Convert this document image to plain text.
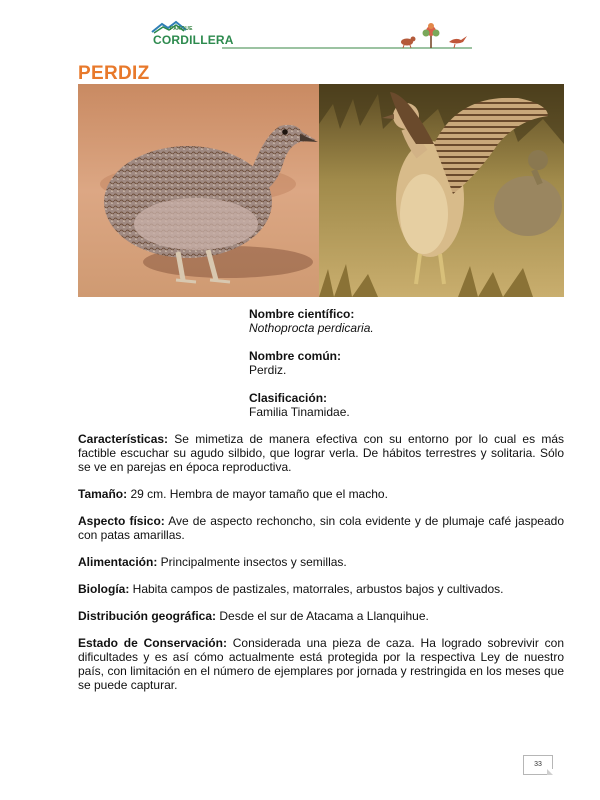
PARQUE
CORDILLERA
PERDIZ
Nombre científico:
Nothoprocta perdicaria.
Nombre común:
Perdiz.
Clasificación:
Familia Tinamidae.

Características: Se mimetiza de manera efectiva con su entorno por lo cual es más factible escuchar su agudo silbido, que lograr verla. De hábitos terrestres y solitaria. Sólo se ve en parejas en época reproductiva.

Tamaño: 29 cm. Hembra de mayor tamaño que el macho.

Aspecto físico: Ave de aspecto rechoncho, sin cola evidente y de plumaje café jaspeado con patas amarillas.

Alimentación: Principalmente insectos y semillas.

Biología: Habita campos de pastizales, matorrales, arbustos bajos y cultivados.

Distribución geográfica: Desde el sur de Atacama a Llanquihue.

Estado de Conservación: Considerada una pieza de caza. Ha logrado sobrevivir con dificultades y es así cómo actualmente está protegida por la respectiva Ley de nuestro país, con limitación en el número de ejemplares por jornada y restringida en los meses que se puede capturar.

33
